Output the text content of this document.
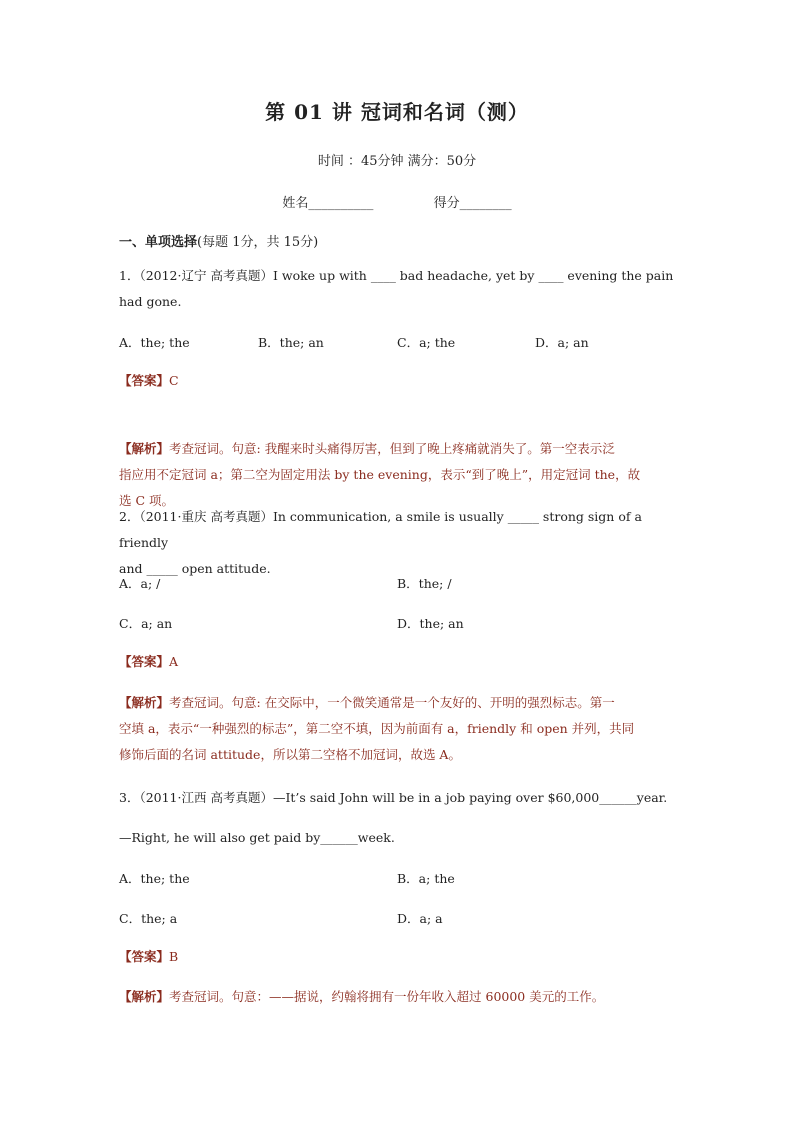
第 01 讲 冠词和名词（测）
时间 ：45分钟 满分：50分
姓名__________	得分________
一、单项选择(每题 1分，共 15分)
1．（2012·辽宁 高考真题）I woke up with ____ bad headache, yet by ____ evening the pain
had gone.
A．the; the	B．the; an	C．a; the	D．a; an
【答案】C
【解析】考查冠词。句意: 我醒来时头痛得厉害，但到了晚上疼痛就消失了。第一空表示泛
指应用不定冠词 a；第二空为固定用法 by the evening，表示“到了晚上”，用定冠词 the，故
选 C 项。
2．（2011·重庆 高考真题）In communication, a smile is usually _____ strong sign of a friendly
and _____ open attitude.
A．a; /	B．the; /
C．a; an	D．the; an
【答案】A
【解析】考查冠词。句意: 在交际中，一个微笑通常是一个友好的、开明的强烈标志。第一
空填 a，表示“一种强烈的标志”，第二空不填，因为前面有 a，friendly 和 open 并列，共同
修饰后面的名词 attitude，所以第二空格不加冠词，故选 A。
3．（2011·江西 高考真题）—It’s said John will be in a job paying over $60,000______year.
—Right, he will also get paid by______week.
A．the; the	B．a; the
C．the; a	D．a; a
【答案】B
【解析】考查冠词。句意：——据说，约翰将拥有一份年收入超过 60000 美元的工作。
